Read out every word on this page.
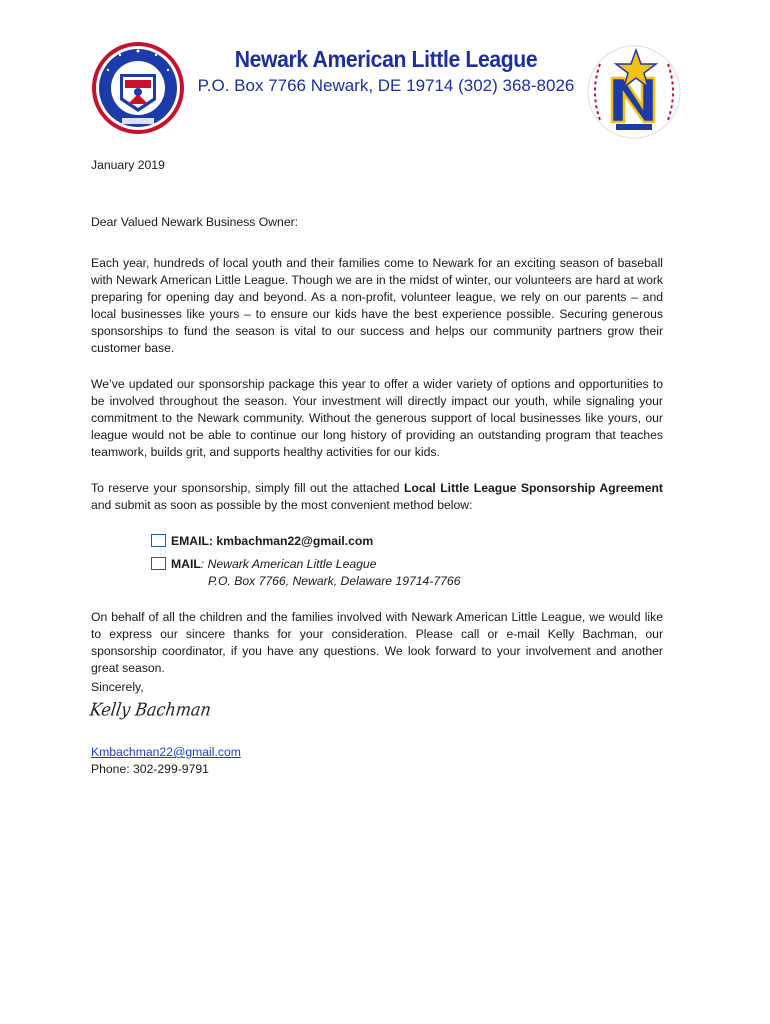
Newark American Little League
P.O. Box 7766 Newark, DE 19714 (302) 368-8026
January 2019
Dear Valued Newark Business Owner:
Each year, hundreds of local youth and their families come to Newark for an exciting season of baseball with Newark American Little League. Though we are in the midst of winter, our volunteers are hard at work preparing for opening day and beyond. As a non-profit, volunteer league, we rely on our parents – and local businesses like yours – to ensure our kids have the best experience possible. Securing generous sponsorships to fund the season is vital to our success and helps our community partners grow their customer base.
We’ve updated our sponsorship package this year to offer a wider variety of options and opportunities to be involved throughout the season. Your investment will directly impact our youth, while signaling your commitment to the Newark community. Without the generous support of local businesses like yours, our league would not be able to continue our long history of providing an outstanding program that teaches teamwork, builds grit, and supports healthy activities for our kids.
To reserve your sponsorship, simply fill out the attached Local Little League Sponsorship Agreement and submit as soon as possible by the most convenient method below:
EMAIL: kmbachman22@gmail.com
MAIL: Newark American Little League
P.O. Box 7766, Newark, Delaware 19714-7766
On behalf of all the children and the families involved with Newark American Little League, we would like to express our sincere thanks for your consideration. Please call or e-mail Kelly Bachman, our sponsorship coordinator, if you have any questions. We look forward to your involvement and another great season.
Sincerely,
Kelly Bachman
Kmbachman22@gmail.com
Phone: 302-299-9791
